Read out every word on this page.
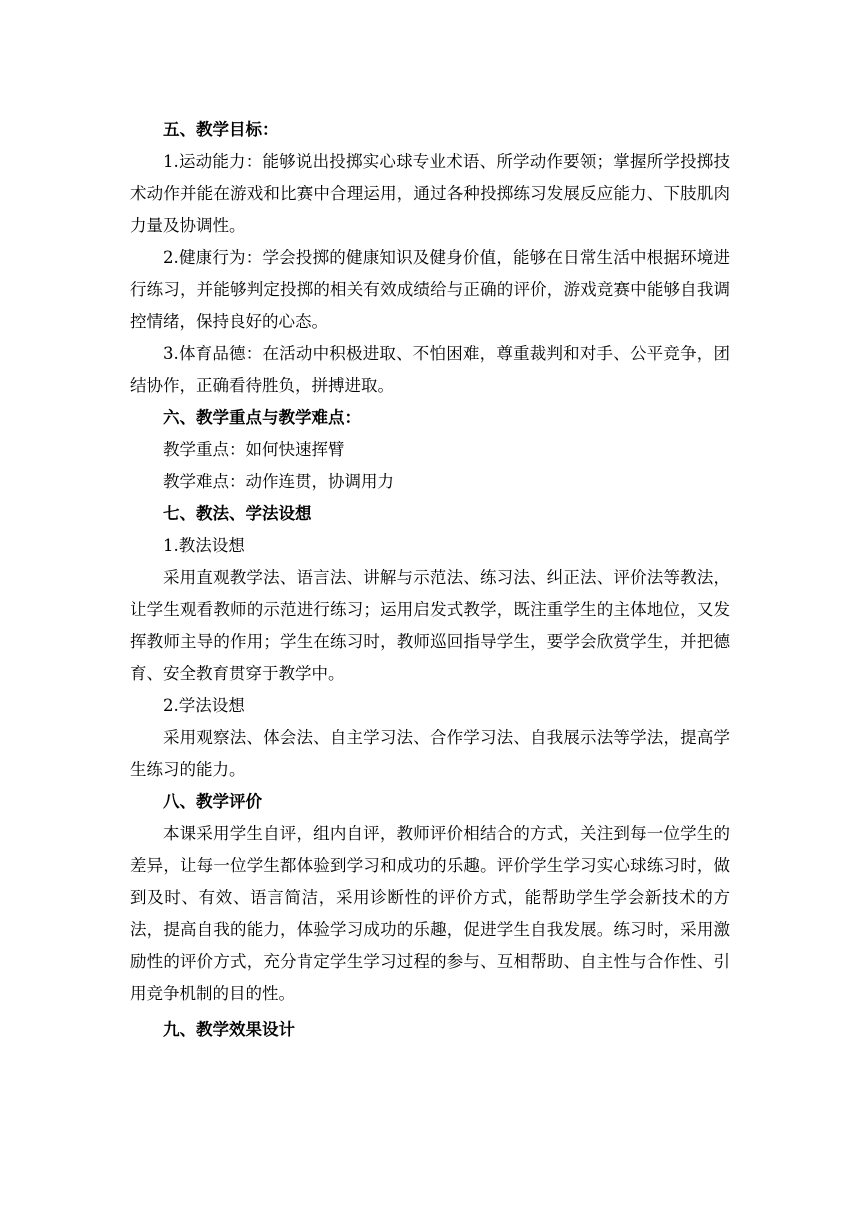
五、教学目标：

1.运动能力：能够说出投掷实心球专业术语、所学动作要领；掌握所学投掷技术动作并能在游戏和比赛中合理运用，通过各种投掷练习发展反应能力、下肢肌肉力量及协调性。

2.健康行为：学会投掷的健康知识及健身价值，能够在日常生活中根据环境进行练习，并能够判定投掷的相关有效成绩给与正确的评价，游戏竞赛中能够自我调控情绪，保持良好的心态。

3.体育品德：在活动中积极进取、不怕困难，尊重裁判和对手、公平竞争，团结协作，正确看待胜负，拼搏进取。

六、教学重点与教学难点：

教学重点：如何快速挥臂

教学难点：动作连贯，协调用力

七、教法、学法设想

1.教法设想

采用直观教学法、语言法、讲解与示范法、练习法、纠正法、评价法等教法，让学生观看教师的示范进行练习；运用启发式教学，既注重学生的主体地位，又发挥教师主导的作用；学生在练习时，教师巡回指导学生，要学会欣赏学生，并把德育、安全教育贯穿于教学中。

2.学法设想

采用观察法、体会法、自主学习法、合作学习法、自我展示法等学法，提高学生练习的能力。

八、教学评价

本课采用学生自评，组内自评，教师评价相结合的方式，关注到每一位学生的差异，让每一位学生都体验到学习和成功的乐趣。评价学生学习实心球练习时，做到及时、有效、语言简洁，采用诊断性的评价方式，能帮助学生学会新技术的方法，提高自我的能力，体验学习成功的乐趣，促进学生自我发展。练习时，采用激励性的评价方式，充分肯定学生学习过程的参与、互相帮助、自主性与合作性、引用竞争机制的目的性。

九、教学效果设计
